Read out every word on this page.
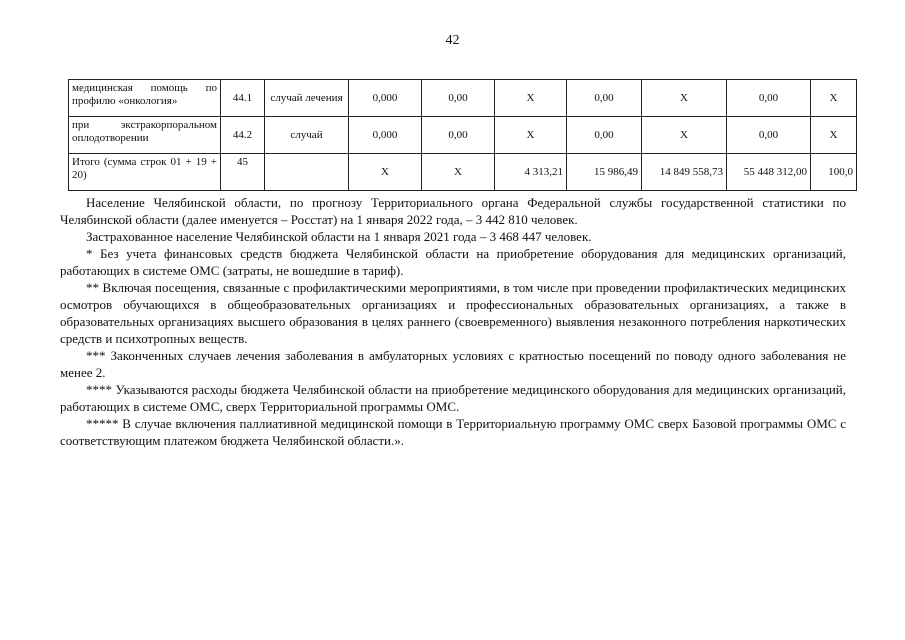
42
медицинская помощь по профилю «онкология»	44.1	случай лечения	0,000	0,00	Х	0,00	Х	0,00	Х
при экстракорпоральном оплодотворении	44.2	случай	0,000	0,00	Х	0,00	Х	0,00	Х
Итого (сумма строк 01 + 19 + 20)	45		Х	Х	4 313,21	15 986,49	14 849 558,73	55 448 312,00	100,0

Население Челябинской области, по прогнозу Территориального органа Федеральной службы государственной статистики по Челябинской области (далее именуется – Росстат) на 1 января 2022 года, – 3 442 810 человек.

Застрахованное население Челябинской области на 1 января 2021 года – 3 468 447 человек.

* Без учета финансовых средств бюджета Челябинской области на приобретение оборудования для медицинских организаций, работающих в системе ОМС (затраты, не вошедшие в тариф).

** Включая посещения, связанные с профилактическими мероприятиями, в том числе при проведении профилактических медицинских осмотров обучающихся в общеобразовательных организациях и профессиональных образовательных организациях, а также в образовательных организациях высшего образования в целях раннего (своевременного) выявления незаконного потребления наркотических средств и психотропных веществ.

*** Законченных случаев лечения заболевания в амбулаторных условиях с кратностью посещений по поводу одного заболевания не менее 2.

**** Указываются расходы бюджета Челябинской области на приобретение медицинского оборудования для медицинских организаций, работающих в системе ОМС, сверх Территориальной программы ОМС.

***** В случае включения паллиативной медицинской помощи в Территориальную программу ОМС сверх Базовой программы ОМС с соответствующим платежом бюджета Челябинской области.».
